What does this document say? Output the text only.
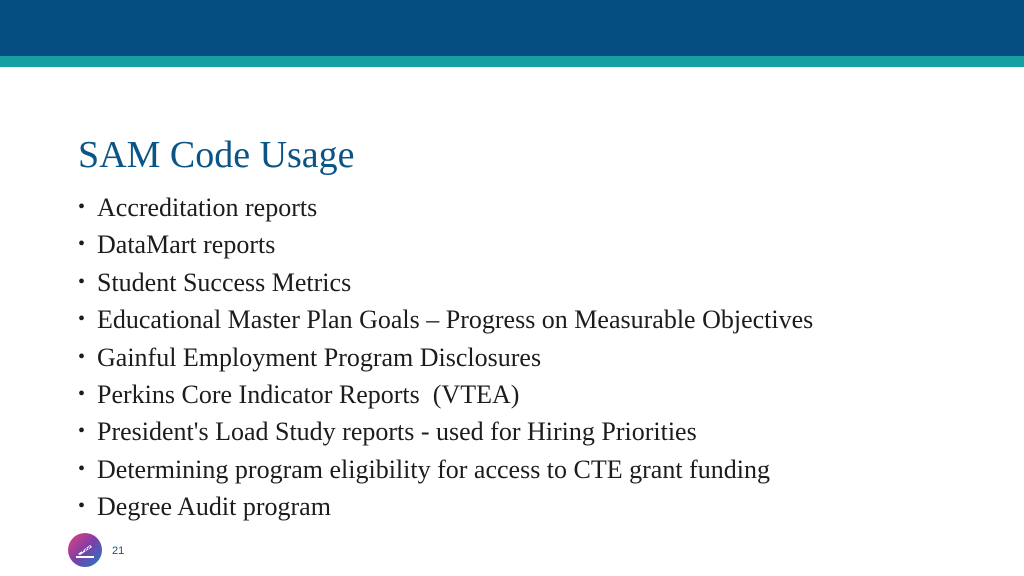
SAM Code Usage
• Accreditation reports
• DataMart reports
• Student Success Metrics
• Educational Master Plan Goals – Progress on Measurable Objectives
• Gainful Employment Program Disclosures
• Perkins Core Indicator Reports  (VTEA)
• President's Load Study reports - used for Hiring Priorities
• Determining program eligibility for access to CTE grant funding
• Degree Audit program
21
